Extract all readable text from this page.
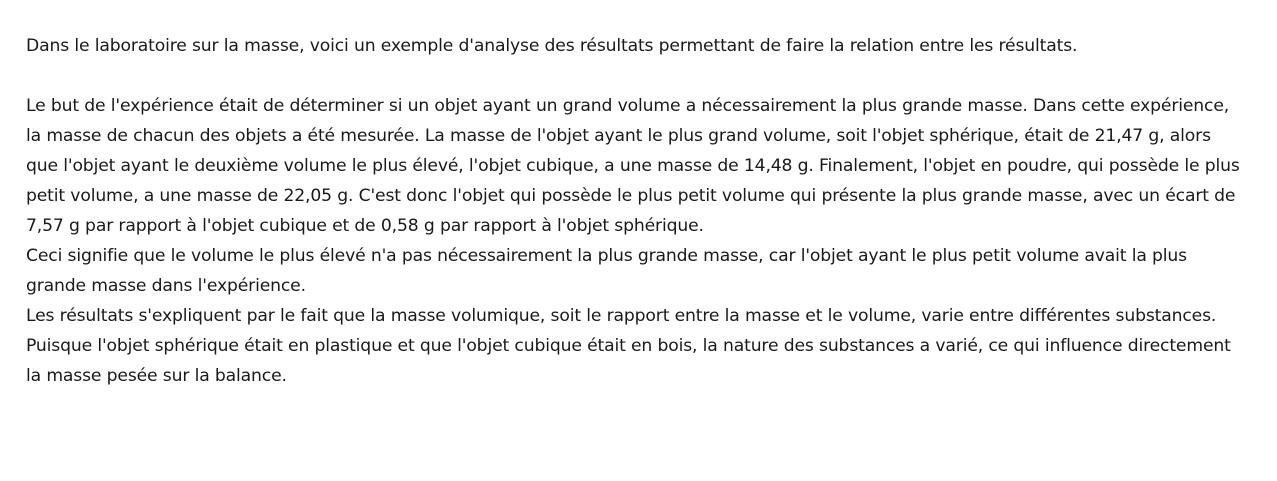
Dans le laboratoire sur la masse, voici un exemple d'analyse des résultats permettant de faire la relation entre les résultats.

Le but de l'expérience était de déterminer si un objet ayant un grand volume a nécessairement la plus grande masse. Dans cette expérience, la masse de chacun des objets a été mesurée. La masse de l'objet ayant le plus grand volume, soit l'objet sphérique, était de 21,47 g, alors que l'objet ayant le deuxième volume le plus élevé, l'objet cubique, a une masse de 14,48 g. Finalement, l'objet en poudre, qui possède le plus petit volume, a une masse de 22,05 g. C'est donc l'objet qui possède le plus petit volume qui présente la plus grande masse, avec un écart de 7,57 g par rapport à l'objet cubique et de 0,58 g par rapport à l'objet sphérique.

Ceci signifie que le volume le plus élevé n'a pas nécessairement la plus grande masse, car l'objet ayant le plus petit volume avait la plus grande masse dans l'expérience.

Les résultats s'expliquent par le fait que la masse volumique, soit le rapport entre la masse et le volume, varie entre différentes substances. Puisque l'objet sphérique était en plastique et que l'objet cubique était en bois, la nature des substances a varié, ce qui influence directement la masse pesée sur la balance.
